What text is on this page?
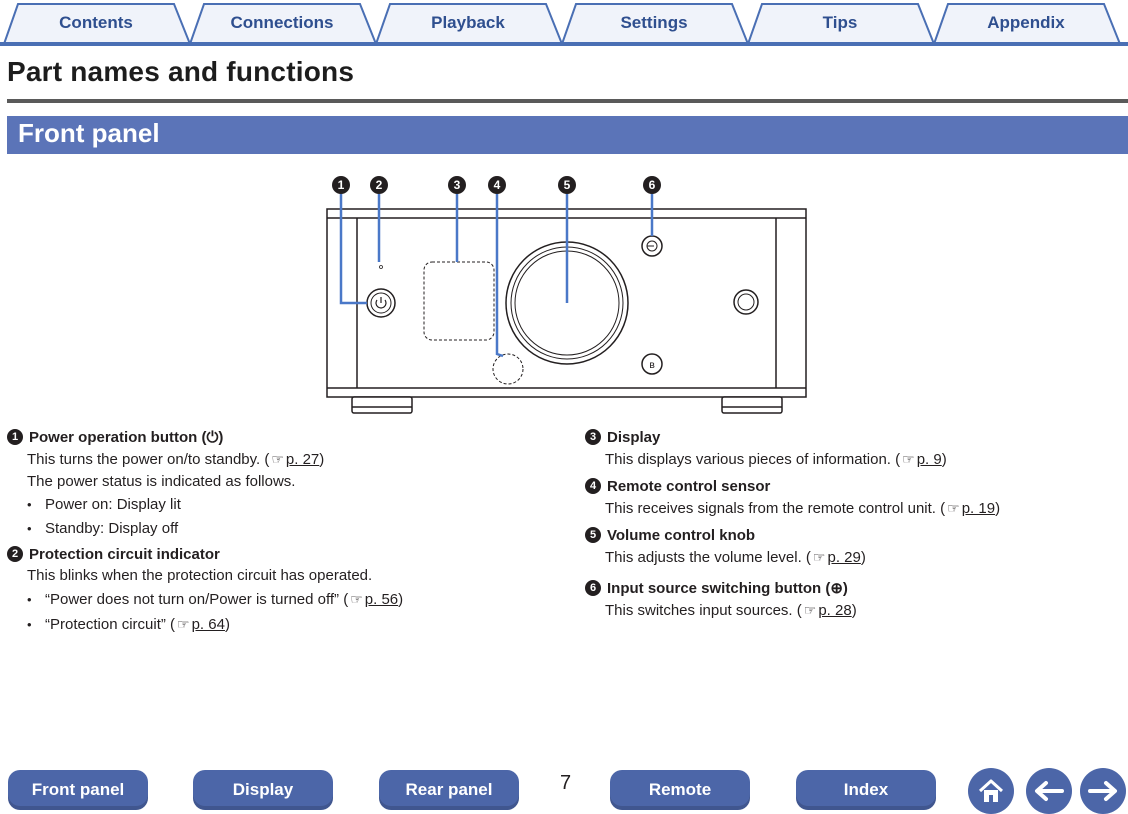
Contents	Connections	Playback	Settings	Tips	Appendix
Part names and functions
Front panel
1	2	3	4	5	6
ʙ
1 Power operation button (⏻)
This turns the power on/to standby. ( ☞ p. 27)
The power status is indicated as follows.
• Power on: Display lit
• Standby: Display off
2 Protection circuit indicator
This blinks when the protection circuit has operated.
• “Power does not turn on/Power is turned off” ( ☞ p. 56)
• “Protection circuit” ( ☞ p. 64)
3 Display
This displays various pieces of information. ( ☞ p. 9)
4 Remote control sensor
This receives signals from the remote control unit. ( ☞ p. 19)
5 Volume control knob
This adjusts the volume level. ( ☞ p. 29)
6 Input source switching button (⊕)
This switches input sources. ( ☞ p. 28)
7
Front panel	Display	Rear panel	Remote	Index
